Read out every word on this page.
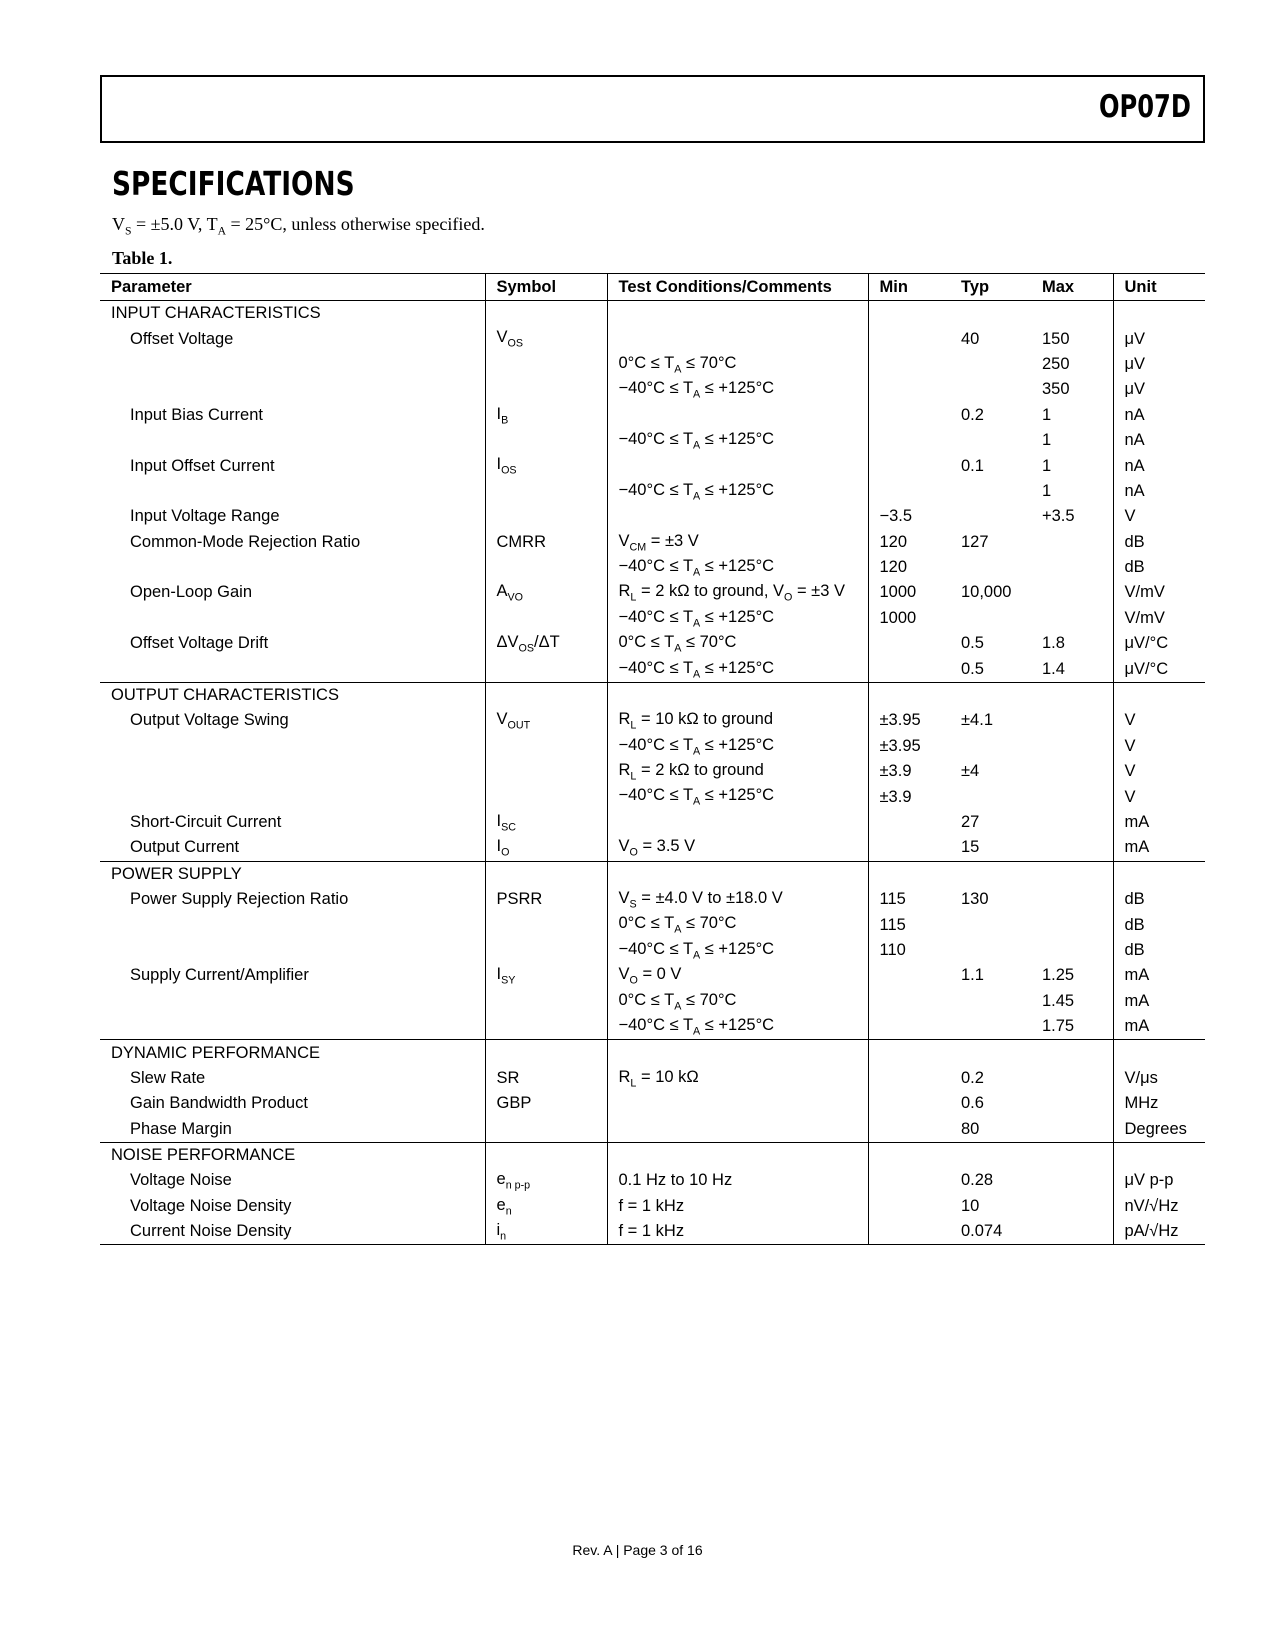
OP07D
SPECIFICATIONS
$V_S = \pm 5.0$ V, $T_A = 25^\circ C$, unless otherwise specified.
Table 1.
Parameter	Symbol	Test Conditions/Comments	Min	Typ	Max	Unit
INPUT CHARACTERISTICS						
Offset Voltage	$V_{OS}$			40	150	μV
		$0^\circ C \le T_A \le 70^\circ C$			250	μV
		$-40^\circ C \le T_A \le +125^\circ C$			350	μV
Input Bias Current	$I_B$			0.2	1	nA
		$-40^\circ C \le T_A \le +125^\circ C$			1	nA
Input Offset Current	$I_{OS}$			0.1	1	nA
		$-40^\circ C \le T_A \le +125^\circ C$			1	nA
Input Voltage Range			−3.5		+3.5	V
Common-Mode Rejection Ratio	CMRR	$V_{CM} = \pm 3$ V	120	127		dB
		$-40^\circ C \le T_A \le +125^\circ C$	120			dB
Open-Loop Gain	$A_{VO}$	$R_L = 2$ kΩ to ground, $V_O = \pm 3$ V	1000	10,000		V/mV
		$-40^\circ C \le T_A \le +125^\circ C$	1000			V/mV
Offset Voltage Drift	$\Delta V_{OS}/\Delta T$	$0^\circ C \le T_A \le 70^\circ C$		0.5	1.8	μV/°C
		$-40^\circ C \le T_A \le +125^\circ C$		0.5	1.4	μV/°C
OUTPUT CHARACTERISTICS						
Output Voltage Swing	$V_{OUT}$	$R_L = 10$ kΩ to ground	±3.95	±4.1		V
		$-40^\circ C \le T_A \le +125^\circ C$	±3.95			V
		$R_L = 2$ kΩ to ground	±3.9	±4		V
		$-40^\circ C \le T_A \le +125^\circ C$	±3.9			V
Short-Circuit Current	$I_{SC}$			27		mA
Output Current	$I_O$	$V_O = 3.5$ V		15		mA
POWER SUPPLY						
Power Supply Rejection Ratio	PSRR	$V_S = \pm 4.0$ V to ±18.0 V	115	130		dB
		$0^\circ C \le T_A \le 70^\circ C$	115			dB
		$-40^\circ C \le T_A \le +125^\circ C$	110			dB
Supply Current/Amplifier	$I_{SY}$	$V_O = 0$ V		1.1	1.25	mA
		$0^\circ C \le T_A \le 70^\circ C$			1.45	mA
		$-40^\circ C \le T_A \le +125^\circ C$			1.75	mA
DYNAMIC PERFORMANCE						
Slew Rate	SR	$R_L = 10$ kΩ		0.2		V/μs
Gain Bandwidth Product	GBP			0.6		MHz
Phase Margin				80		Degrees
NOISE PERFORMANCE						
Voltage Noise	$e_{n p-p}$	0.1 Hz to 10 Hz		0.28		μV p-p
Voltage Noise Density	$e_n$	f = 1 kHz		10		nV/√Hz
Current Noise Density	$i_n$	f = 1 kHz		0.074		pA/√Hz
Rev. A | Page 3 of 16
